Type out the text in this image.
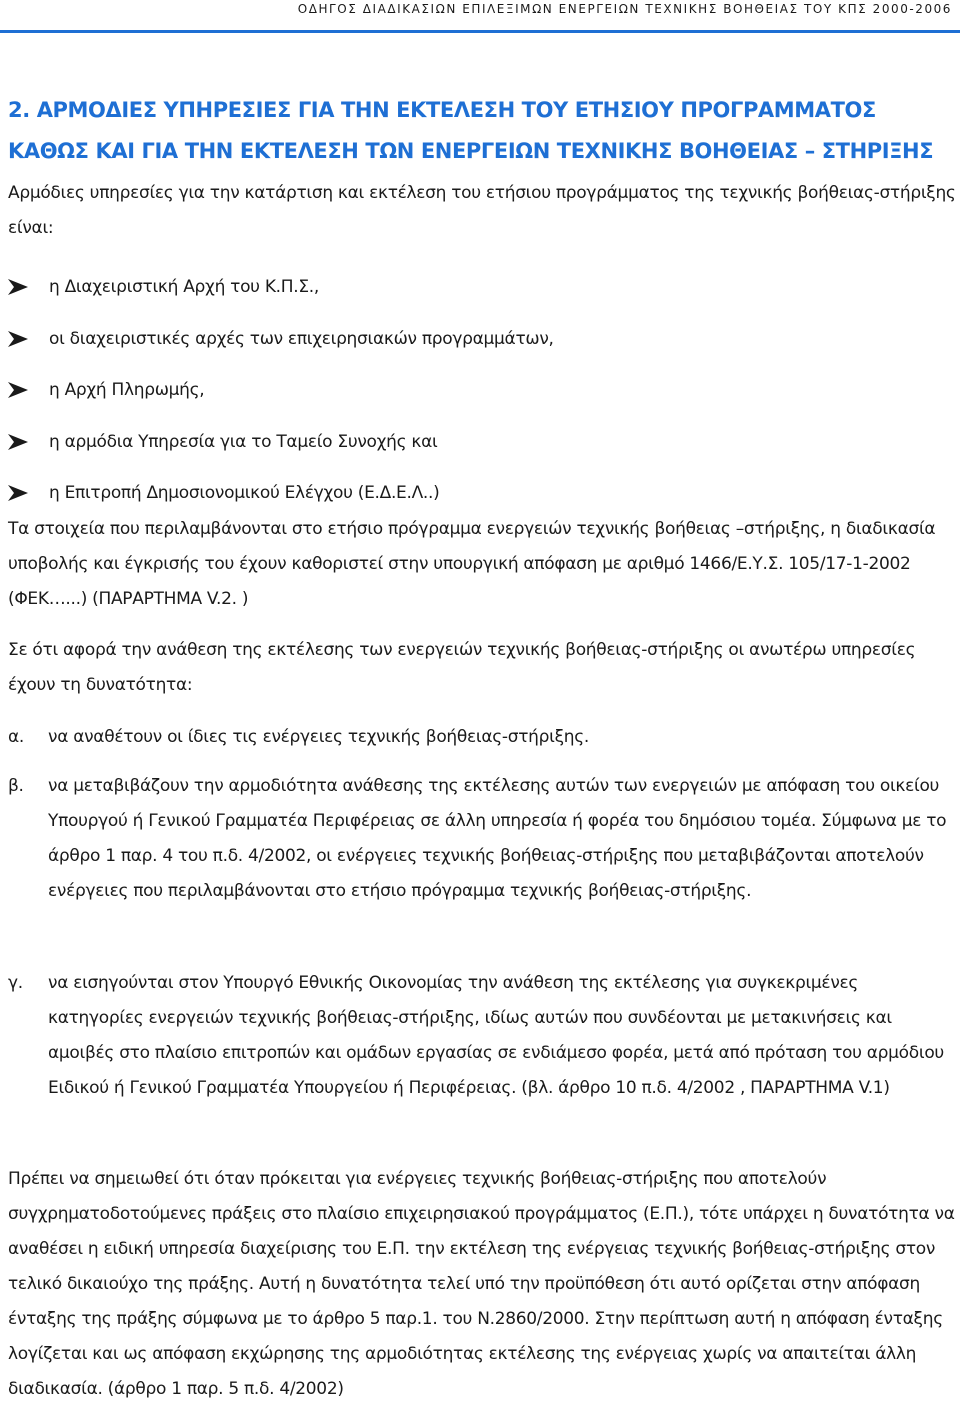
ΟΔΗΓΟΣ ΔΙΑΔΙΚΑΣΙΩΝ ΕΠΙΛΕΞΙΜΩΝ ΕΝΕΡΓΕΙΩΝ ΤΕΧΝΙΚΗΣ ΒΟΗΘΕΙΑΣ ΤΟΥ ΚΠΣ 2000-2006
2. ΑΡΜΟΔΙΕΣ ΥΠΗΡΕΣΙΕΣ ΓΙΑ ΤΗΝ ΕΚΤΕΛΕΣΗ ΤΟΥ ΕΤΗΣΙΟΥ ΠΡΟΓΡΑΜΜΑΤΟΣ ΚΑΘΩΣ ΚΑΙ ΓΙΑ ΤΗΝ ΕΚΤΕΛΕΣΗ ΤΩΝ ΕΝΕΡΓΕΙΩΝ ΤΕΧΝΙΚΗΣ ΒΟΗΘΕΙΑΣ – ΣΤΗΡΙΞΗΣ

Αρμόδιες υπηρεσίες για την κατάρτιση και εκτέλεση του ετήσιου προγράμματος της τεχνικής βοήθειας-στήριξης είναι:

η Διαχειριστική Αρχή του Κ.Π.Σ.,
οι διαχειριστικές αρχές των επιχειρησιακών προγραμμάτων,
η Αρχή Πληρωμής,
η αρμόδια Υπηρεσία για το Ταμείο Συνοχής και
η Επιτροπή Δημοσιονομικού Ελέγχου (Ε.Δ.Ε.Λ..)

Τα στοιχεία που περιλαμβάνονται στο ετήσιο πρόγραμμα ενεργειών τεχνικής βοήθειας –στήριξης, η διαδικασία υποβολής και έγκρισής του έχουν καθοριστεί στην υπουργική απόφαση με αριθμό 1466/Ε.Υ.Σ. 105/17-1-2002 (ΦΕΚ…...) (ΠΑΡΑΡΤΗΜΑ V.2. )

Σε ότι αφορά την ανάθεση της εκτέλεσης των ενεργειών τεχνικής βοήθειας-στήριξης οι ανωτέρω υπηρεσίες έχουν τη δυνατότητα:

α. να αναθέτουν οι ίδιες τις ενέργειες τεχνικής βοήθειας-στήριξης.
β. να μεταβιβάζουν την αρμοδιότητα ανάθεσης της εκτέλεσης αυτών των ενεργειών με απόφαση του οικείου Υπουργού ή Γενικού Γραμματέα Περιφέρειας σε άλλη υπηρεσία ή φορέα του δημόσιου τομέα. Σύμφωνα με το άρθρο 1 παρ. 4 του π.δ. 4/2002, οι ενέργειες τεχνικής βοήθειας-στήριξης που μεταβιβάζονται αποτελούν ενέργειες που περιλαμβάνονται στο ετήσιο πρόγραμμα τεχνικής βοήθειας-στήριξης.
γ. να εισηγούνται στον Υπουργό Εθνικής Οικονομίας την ανάθεση της εκτέλεσης για συγκεκριμένες κατηγορίες ενεργειών τεχνικής βοήθειας-στήριξης, ιδίως αυτών που συνδέονται με μετακινήσεις και αμοιβές στο πλαίσιο επιτροπών και ομάδων εργασίας σε ενδιάμεσο φορέα, μετά από πρόταση του αρμόδιου Ειδικού ή Γενικού Γραμματέα Υπουργείου ή Περιφέρειας. (βλ. άρθρο 10 π.δ. 4/2002 , ΠΑΡΑΡΤΗΜΑ V.1)

Πρέπει να σημειωθεί ότι όταν πρόκειται για ενέργειες τεχνικής βοήθειας-στήριξης που αποτελούν συγχρηματοδοτούμενες πράξεις στο πλαίσιο επιχειρησιακού προγράμματος (Ε.Π.), τότε υπάρχει η δυνατότητα να αναθέσει η ειδική υπηρεσία διαχείρισης του Ε.Π. την εκτέλεση της ενέργειας τεχνικής βοήθειας-στήριξης στον τελικό δικαιούχο της πράξης. Αυτή η δυνατότητα τελεί υπό την προϋπόθεση ότι αυτό ορίζεται στην απόφαση ένταξης της πράξης σύμφωνα με το άρθρο 5 παρ.1. του Ν.2860/2000. Στην περίπτωση αυτή η απόφαση ένταξης λογίζεται και ως απόφαση εκχώρησης της αρμοδιότητας εκτέλεσης της ενέργειας χωρίς να απαιτείται άλλη διαδικασία. (άρθρο 1 παρ. 5 π.δ. 4/2002)
